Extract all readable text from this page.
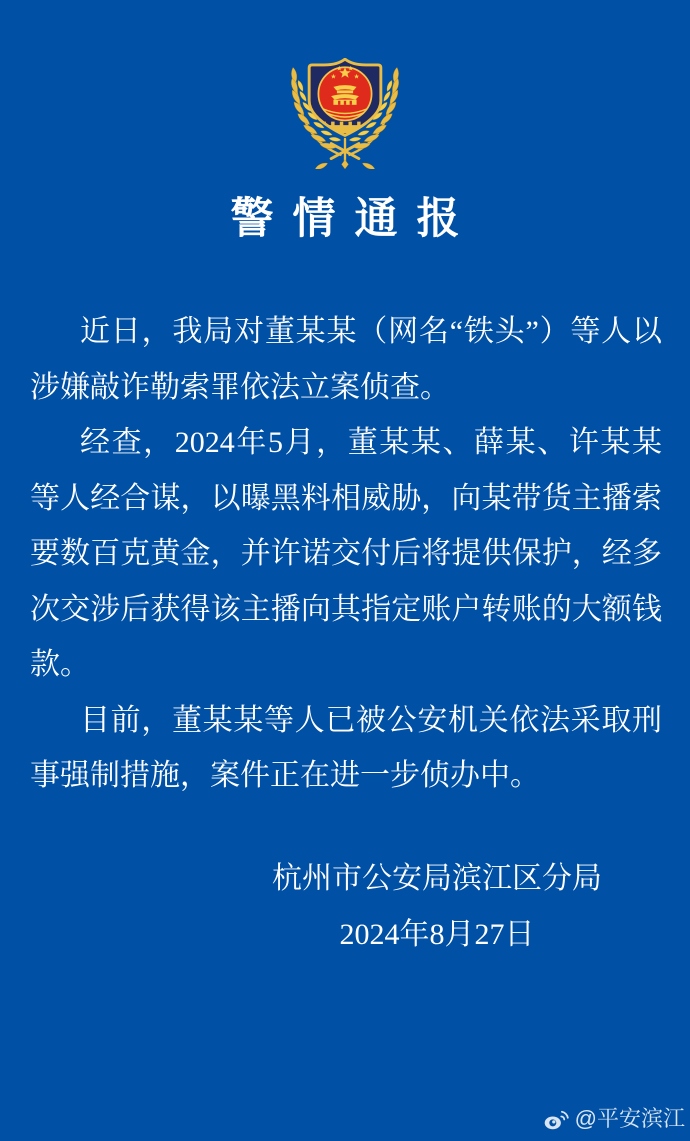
警情通报

近日，我局对董某某（网名“铁头”）等人以涉嫌敲诈勒索罪依法立案侦查。

经查，2024年5月，董某某、薛某、许某某等人经合谋，以曝黑料相威胁，向某带货主播索要数百克黄金，并许诺交付后将提供保护，经多次交涉后获得该主播向其指定账户转账的大额钱款。

目前，董某某等人已被公安机关依法采取刑事强制措施，案件正在进一步侦办中。

杭州市公安局滨江区分局
2024年8月27日
@平安滨江
